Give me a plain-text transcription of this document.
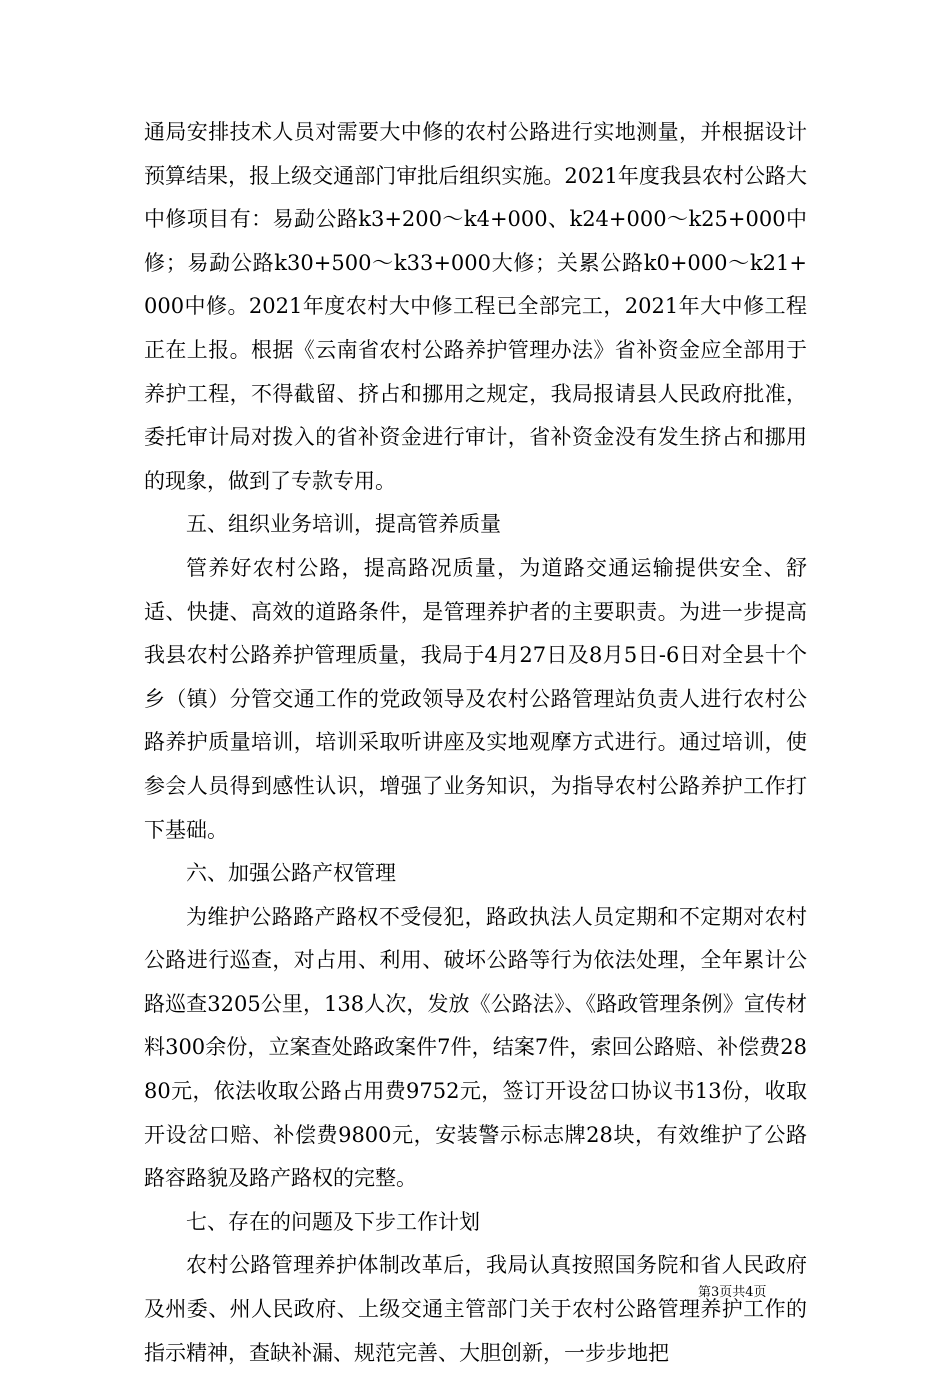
通局安排技术人员对需要大中修的农村公路进行实地测量，并根据设计预算结果，报上级交通部门审批后组织实施。2021年度我县农村公路大中修项目有：易勐公路k3+200～k4+000、k24+000～k25+000中修；易勐公路k30+500～k33+000大修；关累公路k0+000～k21+000中修。2021年度农村大中修工程已全部完工，2021年大中修工程正在上报。根据《云南省农村公路养护管理办法》省补资金应全部用于养护工程，不得截留、挤占和挪用之规定，我局报请县人民政府批准，委托审计局对拨入的省补资金进行审计，省补资金没有发生挤占和挪用的现象，做到了专款专用。

五、组织业务培训，提高管养质量

管养好农村公路，提高路况质量，为道路交通运输提供安全、舒适、快捷、高效的道路条件，是管理养护者的主要职责。为进一步提高我县农村公路养护管理质量，我局于4月27日及8月5日-6日对全县十个乡（镇）分管交通工作的党政领导及农村公路管理站负责人进行农村公路养护质量培训，培训采取听讲座及实地观摩方式进行。通过培训，使参会人员得到感性认识，增强了业务知识，为指导农村公路养护工作打下基础。

六、加强公路产权管理

为维护公路路产路权不受侵犯，路政执法人员定期和不定期对农村公路进行巡查，对占用、利用、破坏公路等行为依法处理，全年累计公路巡查3205公里，138人次，发放《公路法》、《路政管理条例》宣传材料300余份，立案查处路政案件7件，结案7件，索回公路赔、补偿费2880元，依法收取公路占用费9752元，签订开设岔口协议书13份，收取开设岔口赔、补偿费9800元，安装警示标志牌28块，有效维护了公路路容路貌及路产路权的完整。

七、存在的问题及下步工作计划

农村公路管理养护体制改革后，我局认真按照国务院和省人民政府及州委、州人民政府、上级交通主管部门关于农村公路管理养护工作的指示精神，查缺补漏、规范完善、大胆创新，一步步地把

第3页共4页
